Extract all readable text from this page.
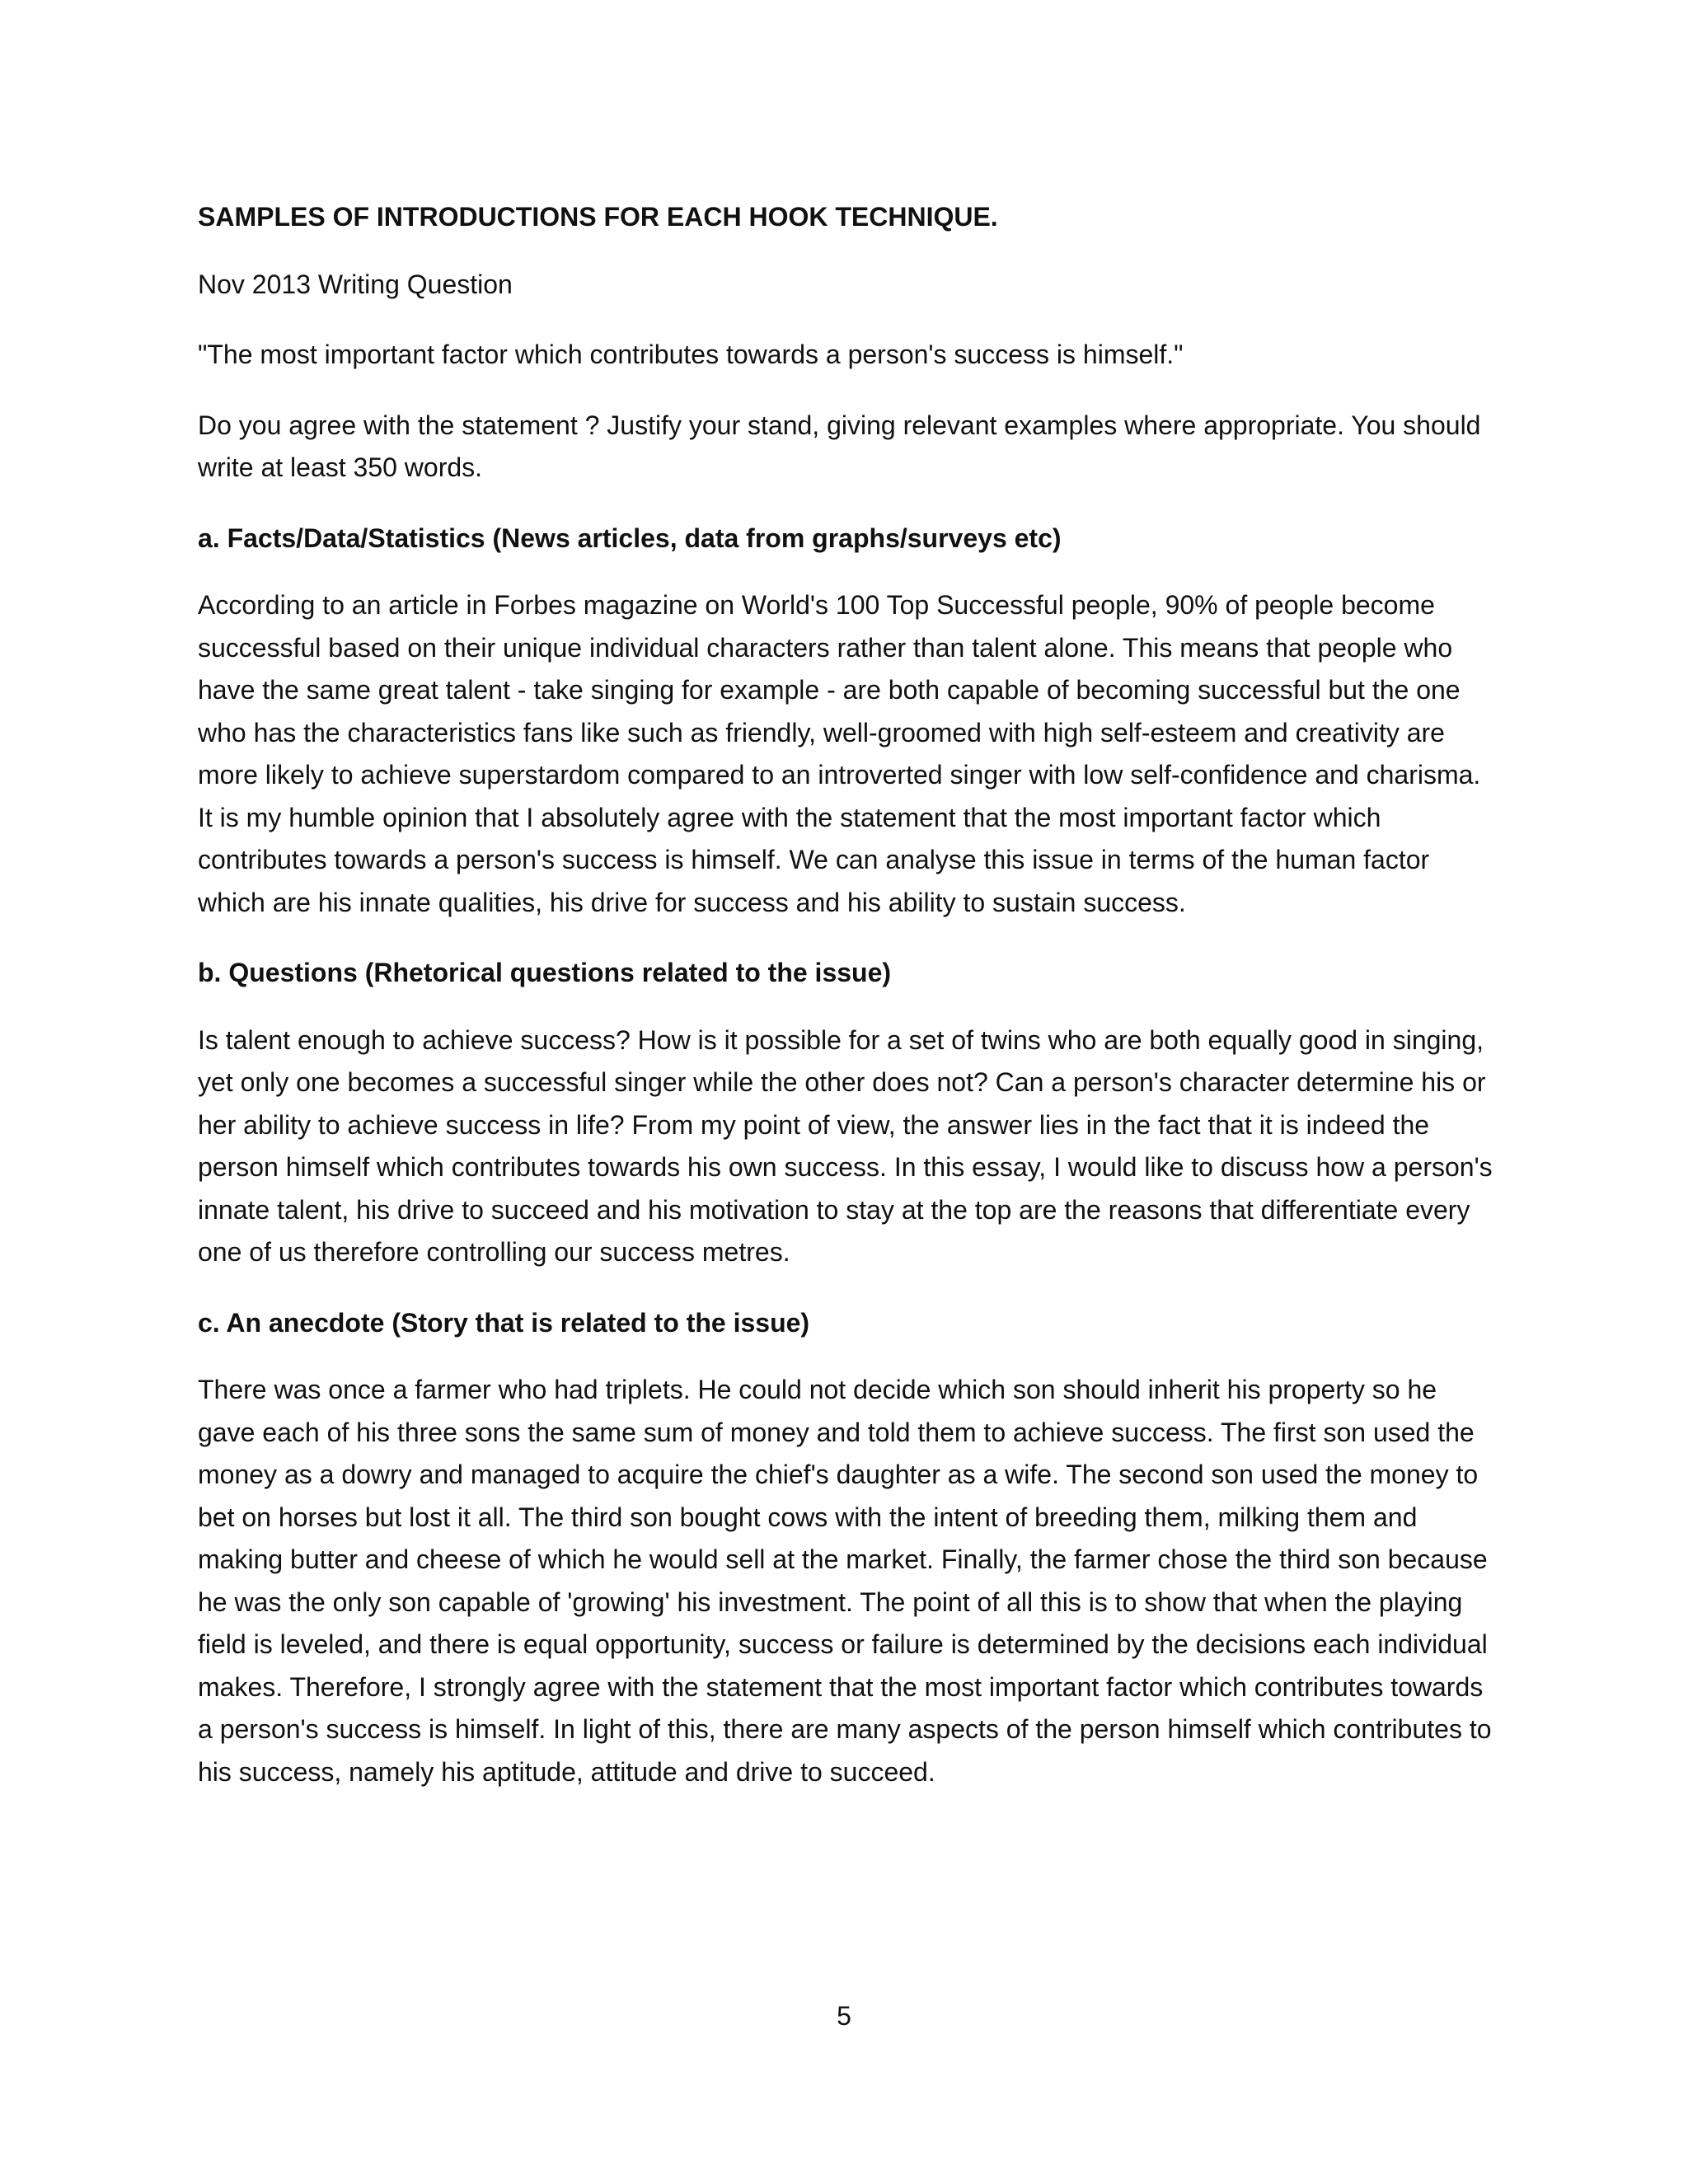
SAMPLES OF INTRODUCTIONS FOR EACH HOOK TECHNIQUE.

Nov 2013 Writing Question

"The most important factor which contributes towards a person's success is himself."

Do you agree with the statement ? Justify your stand, giving relevant examples where appropriate. You should write at least 350 words.

a. Facts/Data/Statistics (News articles, data from graphs/surveys etc)

According to an article in Forbes magazine on World's 100 Top Successful people, 90% of people become successful based on their unique individual characters rather than talent alone. This means that people who have the same great talent - take singing for example - are both capable of becoming successful but the one who has the characteristics fans like such as friendly, well-groomed with high self-esteem and creativity are more likely to achieve superstardom compared to an introverted singer with low self-confidence and charisma. It is my humble opinion that I absolutely agree with the statement that the most important factor which contributes towards a person's success is himself. We can analyse this issue in terms of the human factor which are his innate qualities, his drive for success and his ability to sustain success.

b. Questions (Rhetorical questions related to the issue)

Is talent enough to achieve success? How is it possible for a set of twins who are both equally good in singing, yet only one becomes a successful singer while the other does not? Can a person's character determine his or her ability to achieve success in life? From my point of view, the answer lies in the fact that it is indeed the person himself which contributes towards his own success. In this essay, I would like to discuss how a person's innate talent, his drive to succeed and his motivation to stay at the top are the reasons that differentiate every one of us therefore controlling our success metres.

c. An anecdote (Story that is related to the issue)

There was once a farmer who had triplets. He could not decide which son should inherit his property so he gave each of his three sons the same sum of money and told them to achieve success. The first son used the money as a dowry and managed to acquire the chief's daughter as a wife. The second son used the money to bet on horses but lost it all. The third son bought cows with the intent of breeding them, milking them and making butter and cheese of which he would sell at the market. Finally, the farmer chose the third son because he was the only son capable of 'growing' his investment. The point of all this is to show that when the playing field is leveled, and there is equal opportunity, success or failure is determined by the decisions each individual makes. Therefore, I strongly agree with the statement that the most important factor which contributes towards a person's success is himself. In light of this, there are many aspects of the person himself which contributes to his success, namely his aptitude, attitude and drive to succeed.

5
